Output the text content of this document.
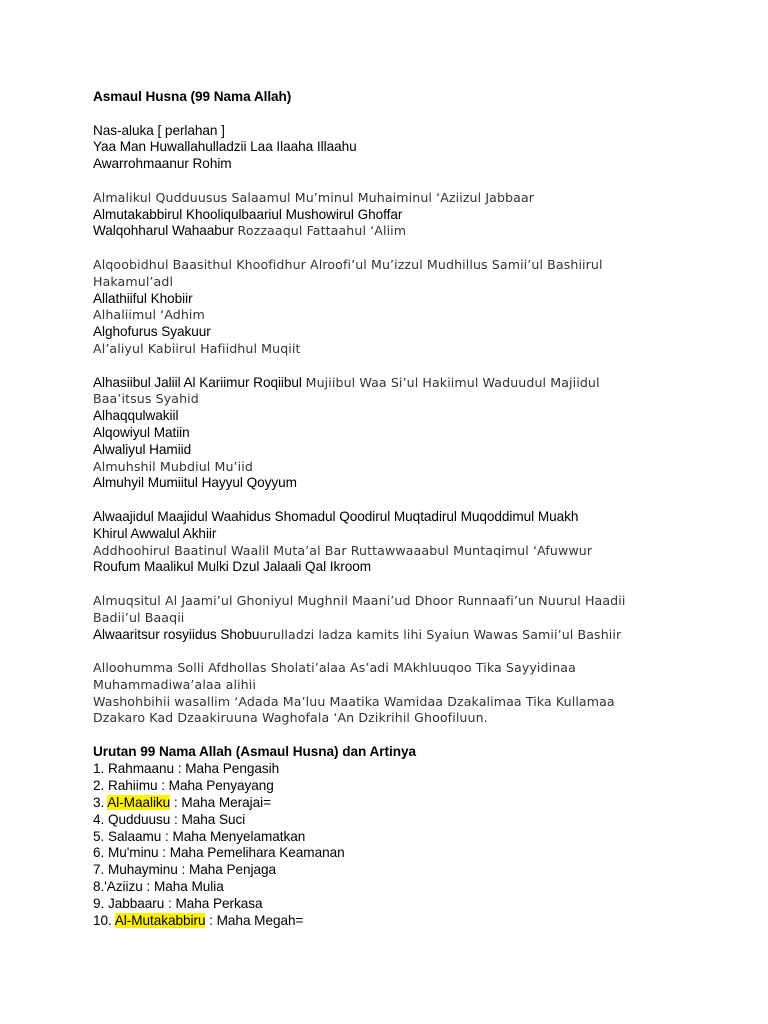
Asmaul Husna (99 Nama Allah)
Nas-aluka [ perlahan ]
Yaa Man Huwallahulladzii Laa Ilaaha Illaahu
Awarrohmaanur Rohim
Almalikul Qudduusus Salaamul Mu’minul Muhaiminul ‘Aziizul Jabbaar
Almutakabbirul Khooliqulbaariul Mushowirul Ghoffar
Walqohharul Wahaabur Rozzaaqul Fattaahul ‘Aliim
Alqoobidhul Baasithul Khoofidhur Alroofi’ul Mu’izzul Mudhillus Samii’ul Bashiirul
Hakamul’adl
Allathiiful Khobiir
Alhaliimul ‘Adhim
Alghofurus Syakuur
Al’aliyul Kabiirul Hafiidhul Muqiit
Alhasiibul Jaliil Al Kariimur Roqiibul Mujiibul Waa Si’ul Hakiimul Waduudul Majiidul
Baa’itsus Syahid
Alhaqqulwakiil
Alqowiyul Matiin
Alwaliyul Hamiid
Almuhshil Mubdiul Mu’iid
Almuhyil Mumiitul Hayyul Qoyyum
Alwaajidul Maajidul Waahidus Shomadul Qoodirul Muqtadirul Muqoddimul Muakh
Khirul Awwalul Akhiir
Addhoohirul Baatinul Waalil Muta’al Bar Ruttawwaaabul Muntaqimul ‘Afuwwur
Roufum Maalikul Mulki Dzul Jalaali Qal Ikroom
Almuqsitul Al Jaami’ul Ghoniyul Mughnil Maani’ud Dhoor Runnaafi’un Nuurul Haadii
Badii’ul Baaqii
Alwaaritsur rosyiidus Shobuurulladzi ladza kamits lihi Syaiun Wawas Samii’ul Bashiir
Alloohumma Solli Afdhollas Sholati’alaa As’adi MAkhluuqoo Tika Sayyidinaa
Muhammadiwa’alaa alihii
Washohbihii wasallim ‘Adada Ma’luu Maatika Wamidaa Dzakalimaa Tika Kullamaa
Dzakaro Kad Dzaakiruuna Waghofala ‘An Dzikrihil Ghoofiluun.
Urutan 99 Nama Allah (Asmaul Husna) dan Artinya
1. Rahmaanu : Maha Pengasih
2. Rahiimu : Maha Penyayang
3. Al-Maaliku : Maha Merajai=
4. Qudduusu : Maha Suci
5. Salaamu : Maha Menyelamatkan
6. Mu'minu : Maha Pemelihara Keamanan
7. Muhayminu : Maha Penjaga
8.'Aziizu : Maha Mulia
9. Jabbaaru : Maha Perkasa
10. Al-Mutakabbiru : Maha Megah=
